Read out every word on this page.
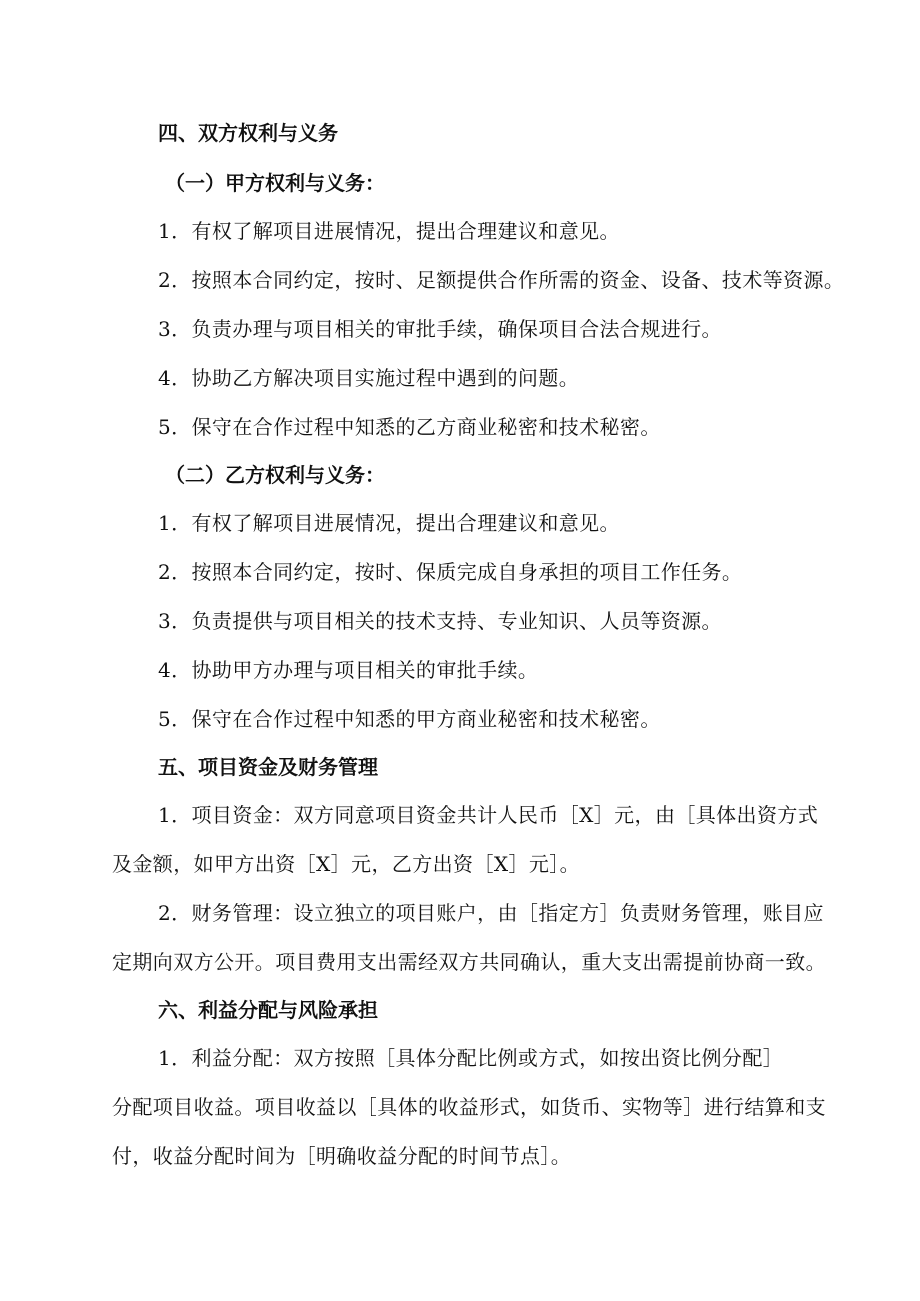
四、双方权利与义务
（一）甲方权利与义务：
1．有权了解项目进展情况，提出合理建议和意见。
2．按照本合同约定，按时、足额提供合作所需的资金、设备、技术等资源。
3．负责办理与项目相关的审批手续，确保项目合法合规进行。
4．协助乙方解决项目实施过程中遇到的问题。
5．保守在合作过程中知悉的乙方商业秘密和技术秘密。
（二）乙方权利与义务：
1．有权了解项目进展情况，提出合理建议和意见。
2．按照本合同约定，按时、保质完成自身承担的项目工作任务。
3．负责提供与项目相关的技术支持、专业知识、人员等资源。
4．协助甲方办理与项目相关的审批手续。
5．保守在合作过程中知悉的甲方商业秘密和技术秘密。
五、项目资金及财务管理
1．项目资金：双方同意项目资金共计人民币［X］元，由［具体出资方式
及金额，如甲方出资［X］元，乙方出资［X］元］。
2．财务管理：设立独立的项目账户，由［指定方］负责财务管理，账目应
定期向双方公开。项目费用支出需经双方共同确认，重大支出需提前协商一致。
六、利益分配与风险承担
1．利益分配：双方按照［具体分配比例或方式，如按出资比例分配］
分配项目收益。项目收益以［具体的收益形式，如货币、实物等］进行结算和支
付，收益分配时间为［明确收益分配的时间节点］。
